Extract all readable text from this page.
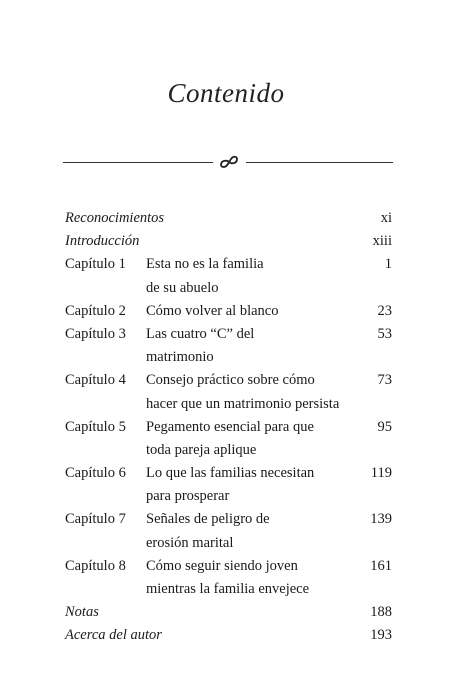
Contenido
Reconocimientos	xi
Introducción	xiii
Capítulo 1 Esta no es la familia	1
de su abuelo
Capítulo 2 Cómo volver al blanco	23
Capítulo 3 Las cuatro “C” del	53
matrimonio
Capítulo 4 Consejo práctico sobre cómo	73
hacer que un matrimonio persista
Capítulo 5 Pegamento esencial para que	95
toda pareja aplique
Capítulo 6 Lo que las familias necesitan	119
para prosperar
Capítulo 7 Señales de peligro de	139
erosión marital
Capítulo 8 Cómo seguir siendo joven	161
mientras la familia envejece
Notas	188
Acerca del autor	193
